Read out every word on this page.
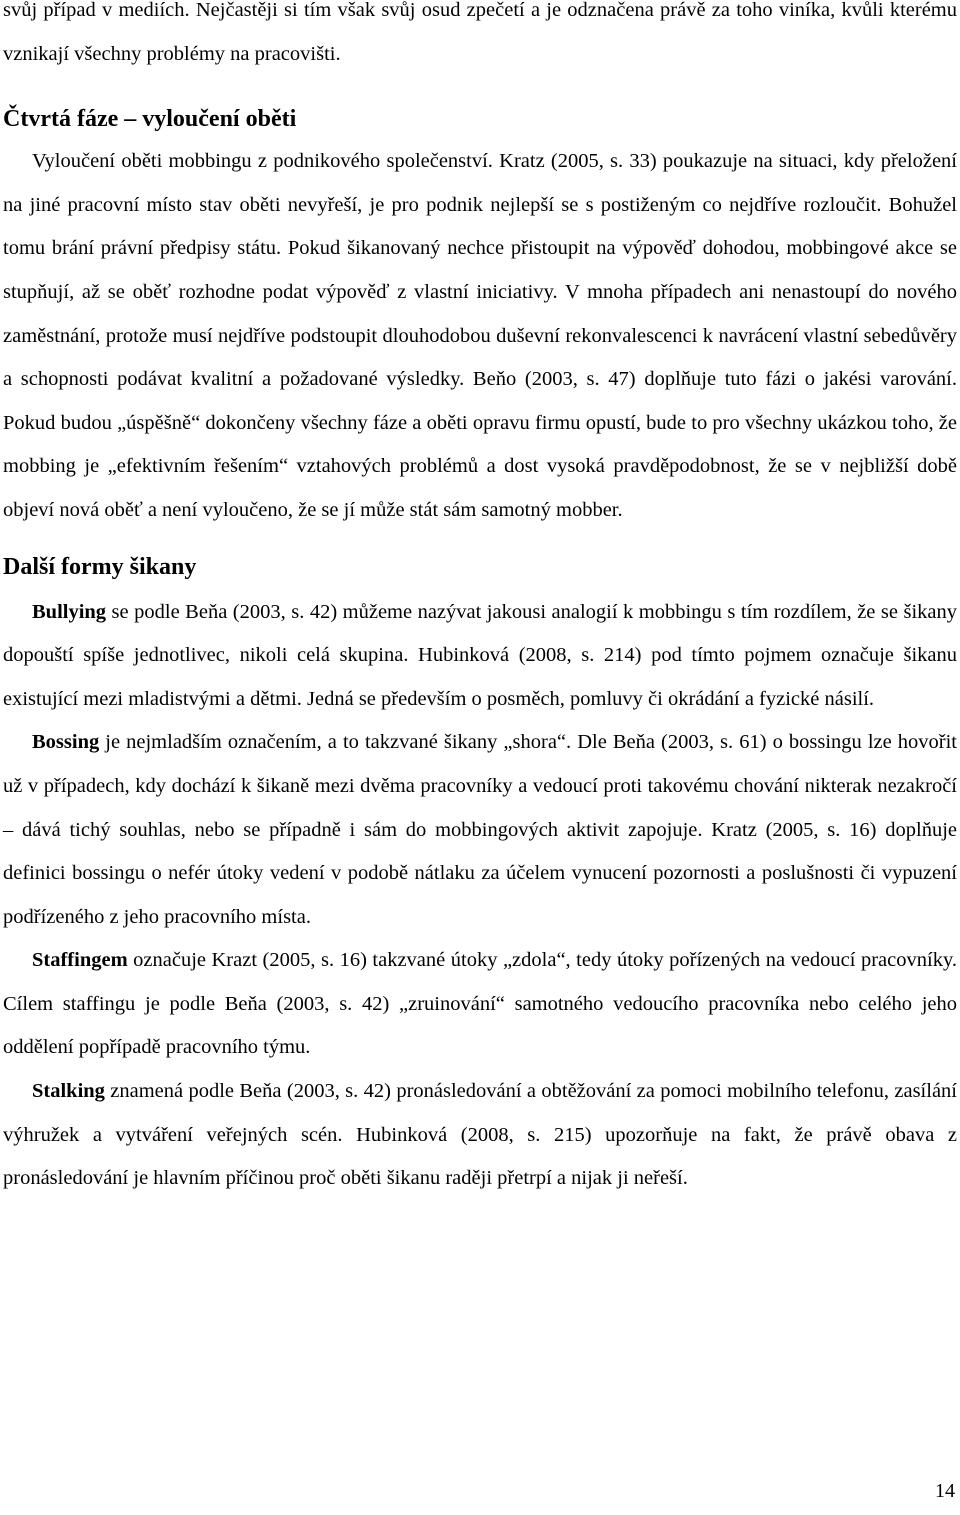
svůj případ v mediích. Nejčastěji si tím však svůj osud zpečetí a je odznačena právě za toho viníka, kvůli kterému vznikají všechny problémy na pracovišti.

Čtvrtá fáze – vyloučení oběti

Vyloučení oběti mobbingu z podnikového společenství. Kratz (2005, s. 33) poukazuje na situaci, kdy přeložení na jiné pracovní místo stav oběti nevyřeší, je pro podnik nejlepší se s postiženým co nejdříve rozloučit. Bohužel tomu brání právní předpisy státu. Pokud šikanovaný nechce přistoupit na výpověď dohodou, mobbingové akce se stupňují, až se oběť rozhodne podat výpověď z vlastní iniciativy. V mnoha případech ani nenastoupí do nového zaměstnání, protože musí nejdříve podstoupit dlouhodobou duševní rekonvalescenci k navrácení vlastní sebedůvěry a schopnosti podávat kvalitní a požadované výsledky. Beňo (2003, s. 47) doplňuje tuto fázi o jakési varování. Pokud budou „úspěšně“ dokončeny všechny fáze a oběti opravu firmu opustí, bude to pro všechny ukázkou toho, že mobbing je „efektivním řešením“ vztahových problémů a dost vysoká pravděpodobnost, že se v nejbližší době objeví nová oběť a není vyloučeno, že se jí může stát sám samotný mobber.

Další formy šikany

Bullying se podle Beňa (2003, s. 42) můžeme nazývat jakousi analogií k mobbingu s tím rozdílem, že se šikany dopouští spíše jednotlivec, nikoli celá skupina. Hubinková (2008, s. 214) pod tímto pojmem označuje šikanu existující mezi mladistvými a dětmi. Jedná se především o posměch, pomluvy či okrádání a fyzické násilí.

Bossing je nejmladším označením, a to takzvané šikany „shora“. Dle Beňa (2003, s. 61) o bossingu lze hovořit už v případech, kdy dochází k šikaně mezi dvěma pracovníky a vedoucí proti takovému chování nikterak nezakročí – dává tichý souhlas, nebo se případně i sám do mobbingových aktivit zapojuje. Kratz (2005, s. 16) doplňuje definici bossingu o nefér útoky vedení v podobě nátlaku za účelem vynucení pozornosti a poslušnosti či vypuzení podřízeného z jeho pracovního místa.

Staffingem označuje Krazt (2005, s. 16) takzvané útoky „zdola“, tedy útoky pořízených na vedoucí pracovníky. Cílem staffingu je podle Beňa (2003, s. 42) „zruinování“ samotného vedoucího pracovníka nebo celého jeho oddělení popřípadě pracovního týmu.

Stalking znamená podle Beňa (2003, s. 42) pronásledování a obtěžování za pomoci mobilního telefonu, zasílání výhružek a vytváření veřejných scén. Hubinková (2008, s. 215) upozorňuje na fakt, že právě obava z pronásledování je hlavním příčinou proč oběti šikanu raději přetrpí a nijak ji neřeší.

14
